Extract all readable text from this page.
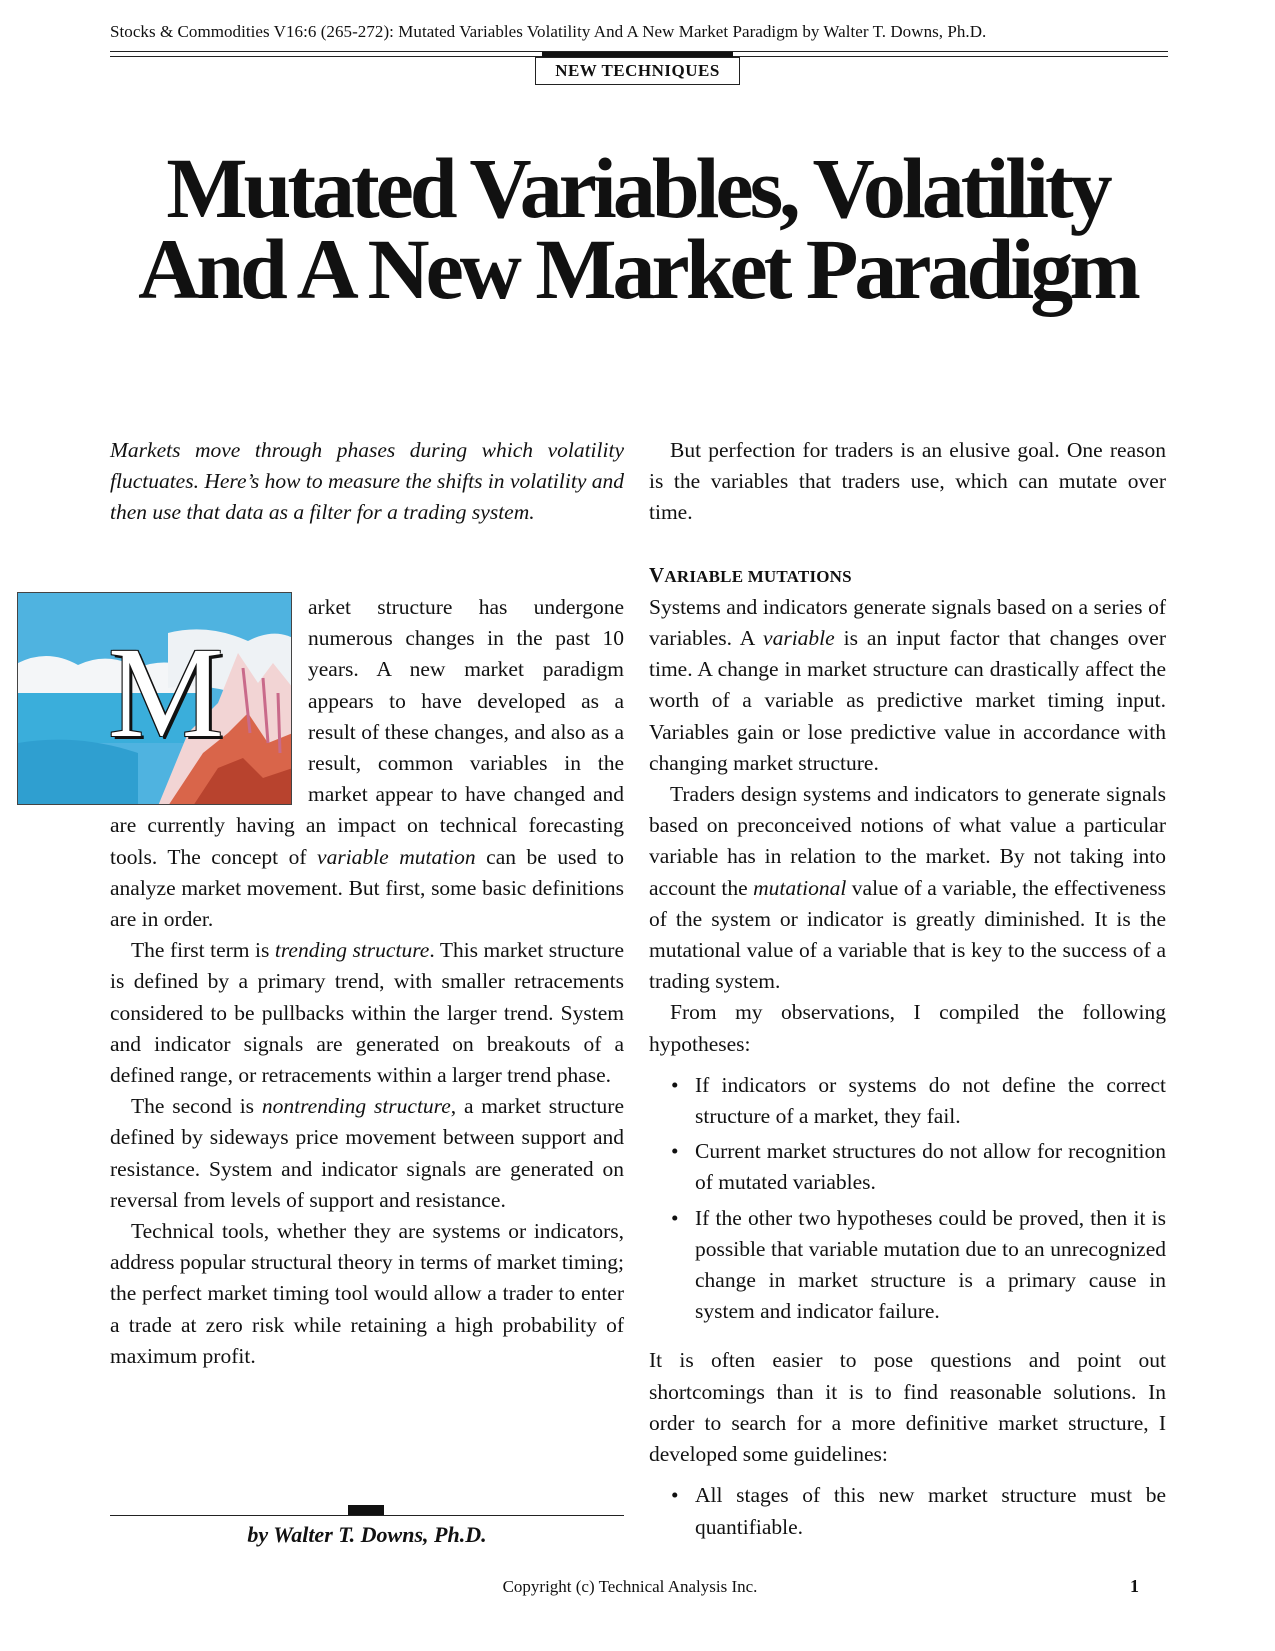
Stocks & Commodities V16:6 (265-272): Mutated Variables Volatility And A New Market Paradigm by Walter T. Downs, Ph.D.
NEW TECHNIQUES
Mutated Variables, Volatility
And A New Market Paradigm
Markets move through phases during which volatility fluctuates. Here’s how to measure the shifts in volatility and then use that data as a filter for a trading system.
M

arket structure has undergone numerous changes in the past 10 years. A new market paradigm appears to have developed as a result of these changes, and also as a result, common variables in the market appear to have changed and are currently having an impact on technical forecasting tools. The concept of variable mutation can be used to analyze market movement. But first, some basic definitions are in order.

The first term is trending structure. This market structure is defined by a primary trend, with smaller retracements considered to be pullbacks within the larger trend. System and indicator signals are generated on breakouts of a defined range, or retracements within a larger trend phase.

The second is nontrending structure, a market structure defined by sideways price movement between support and resistance. System and indicator signals are generated on reversal from levels of support and resistance.

Technical tools, whether they are systems or indicators, address popular structural theory in terms of market timing; the perfect market timing tool would allow a trader to enter a trade at zero risk while retaining a high probability of maximum profit.

by Walter T. Downs, Ph.D.

But perfection for traders is an elusive goal. One reason is the variables that traders use, which can mutate over time.

VARIABLE MUTATIONS

Systems and indicators generate signals based on a series of variables. A variable is an input factor that changes over time. A change in market structure can drastically affect the worth of a variable as predictive market timing input. Variables gain or lose predictive value in accordance with changing market structure.

Traders design systems and indicators to generate signals based on preconceived notions of what value a particular variable has in relation to the market. By not taking into account the mutational value of a variable, the effectiveness of the system or indicator is greatly diminished. It is the mutational value of a variable that is key to the success of a trading system.

From my observations, I compiled the following hypotheses:

• If indicators or systems do not define the correct structure of a market, they fail.
• Current market structures do not allow for recognition of mutated variables.
• If the other two hypotheses could be proved, then it is possible that variable mutation due to an unrecognized change in market structure is a primary cause in system and indicator failure.

It is often easier to pose questions and point out shortcomings than it is to find reasonable solutions. In order to search for a more definitive market structure, I developed some guidelines:

• All stages of this new market structure must be quantifiable.
Copyright (c) Technical Analysis Inc.	1
